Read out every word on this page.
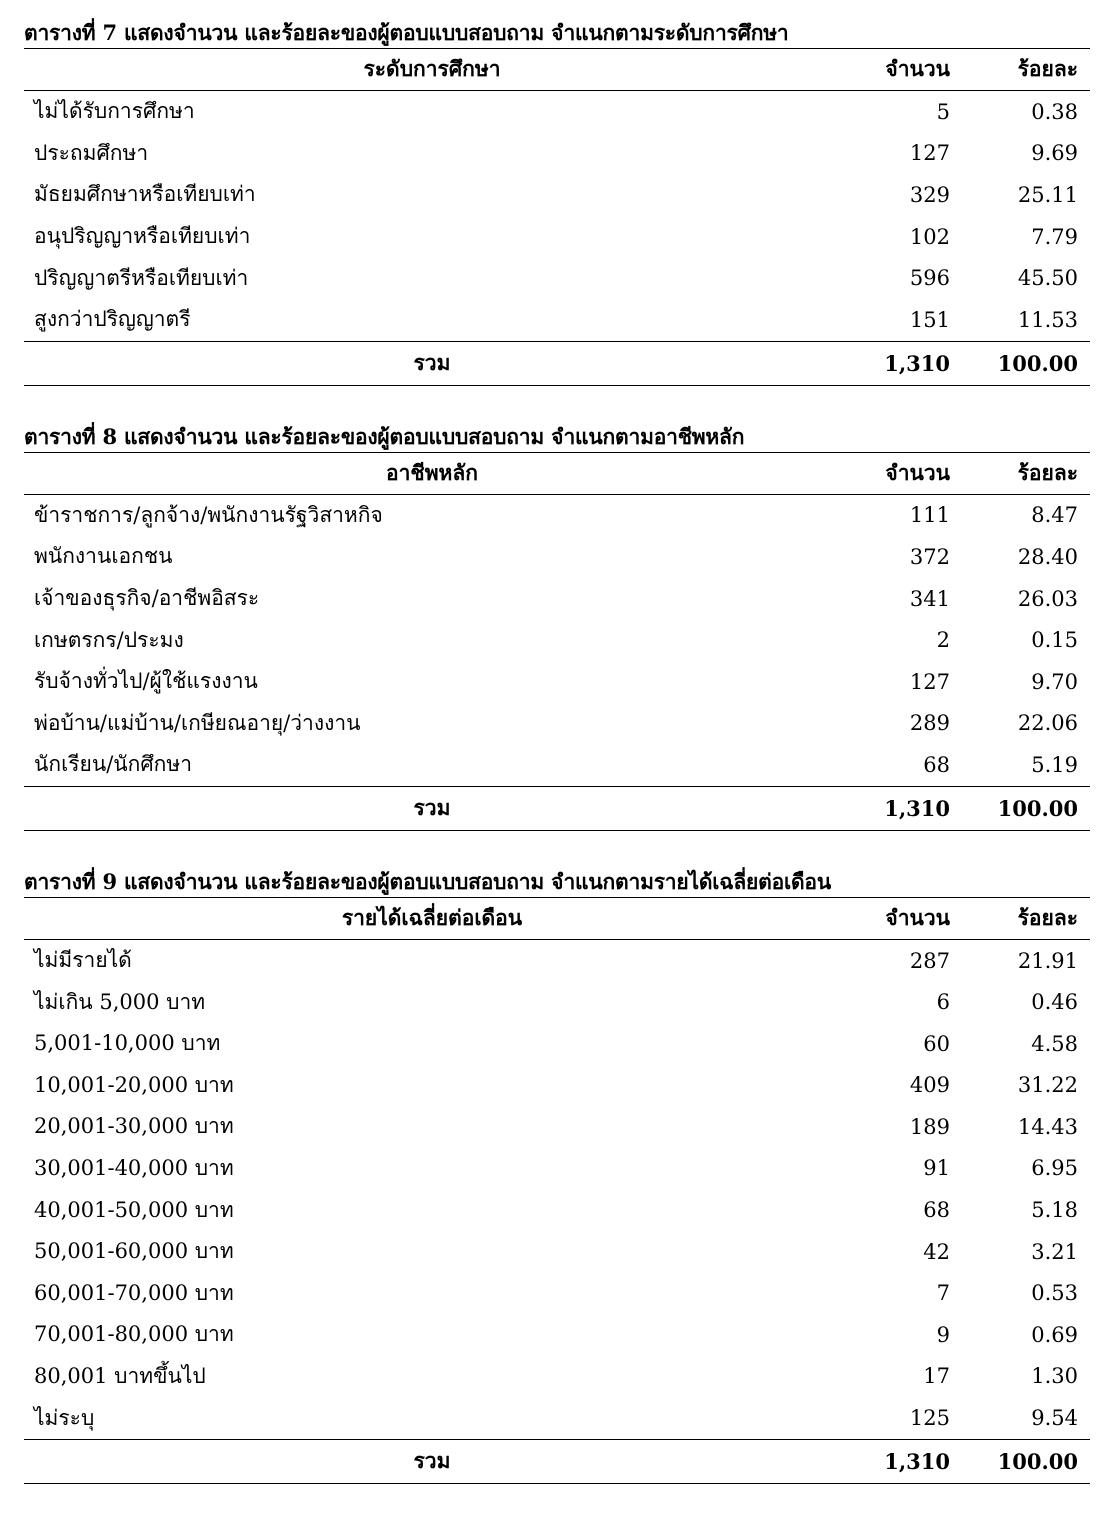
ตารางที่ 7 แสดงจำนวน และร้อยละของผู้ตอบแบบสอบถาม จำแนกตามระดับการศึกษา
ระดับการศึกษา	จำนวน	ร้อยละ
ไม่ได้รับการศึกษา	5	0.38
ประถมศึกษา	127	9.69
มัธยมศึกษาหรือเทียบเท่า	329	25.11
อนุปริญญาหรือเทียบเท่า	102	7.79
ปริญญาตรีหรือเทียบเท่า	596	45.50
สูงกว่าปริญญาตรี	151	11.53
รวม	1,310	100.00
ตารางที่ 8 แสดงจำนวน และร้อยละของผู้ตอบแบบสอบถาม จำแนกตามอาชีพหลัก
อาชีพหลัก	จำนวน	ร้อยละ
ข้าราชการ/ลูกจ้าง/พนักงานรัฐวิสาหกิจ	111	8.47
พนักงานเอกชน	372	28.40
เจ้าของธุรกิจ/อาชีพอิสระ	341	26.03
เกษตรกร/ประมง	2	0.15
รับจ้างทั่วไป/ผู้ใช้แรงงาน	127	9.70
พ่อบ้าน/แม่บ้าน/เกษียณอายุ/ว่างงาน	289	22.06
นักเรียน/นักศึกษา	68	5.19
รวม	1,310	100.00
ตารางที่ 9 แสดงจำนวน และร้อยละของผู้ตอบแบบสอบถาม จำแนกตามรายได้เฉลี่ยต่อเดือน
รายได้เฉลี่ยต่อเดือน	จำนวน	ร้อยละ
ไม่มีรายได้	287	21.91
ไม่เกิน 5,000 บาท	6	0.46
5,001-10,000 บาท	60	4.58
10,001-20,000 บาท	409	31.22
20,001-30,000 บาท	189	14.43
30,001-40,000 บาท	91	6.95
40,001-50,000 บาท	68	5.18
50,001-60,000 บาท	42	3.21
60,001-70,000 บาท	7	0.53
70,001-80,000 บาท	9	0.69
80,001 บาทขึ้นไป	17	1.30
ไม่ระบุ	125	9.54
รวม	1,310	100.00
